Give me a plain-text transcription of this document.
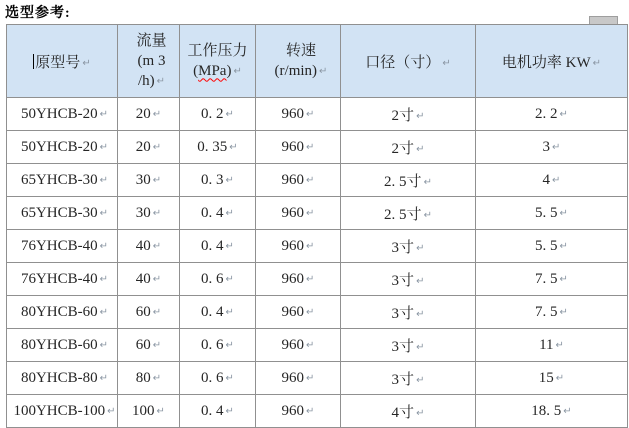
选型参考:
原型号 ↵	流量
(m 3
/h) ↵	工作压力
(MPa) ↵	转速
(r/min) ↵	口径（寸） ↵	电机功率 KW ↵
50YHCB-20 ↵	20 ↵	0. 2 ↵	960 ↵	2寸 ↵	2. 2 ↵
50YHCB-20 ↵	20 ↵	0. 35 ↵	960 ↵	2寸 ↵	3 ↵
65YHCB-30 ↵	30 ↵	0. 3 ↵	960 ↵	2. 5寸 ↵	4 ↵
65YHCB-30 ↵	30 ↵	0. 4 ↵	960 ↵	2. 5寸 ↵	5. 5 ↵
76YHCB-40 ↵	40 ↵	0. 4 ↵	960 ↵	3寸 ↵	5. 5 ↵
76YHCB-40 ↵	40 ↵	0. 6 ↵	960 ↵	3寸 ↵	7. 5 ↵
80YHCB-60 ↵	60 ↵	0. 4 ↵	960 ↵	3寸 ↵	7. 5 ↵
80YHCB-60 ↵	60 ↵	0. 6 ↵	960 ↵	3寸 ↵	11 ↵
80YHCB-80 ↵	80 ↵	0. 6 ↵	960 ↵	3寸 ↵	15 ↵
100YHCB-100 ↵	100 ↵	0. 4 ↵	960 ↵	4寸 ↵	18. 5 ↵
